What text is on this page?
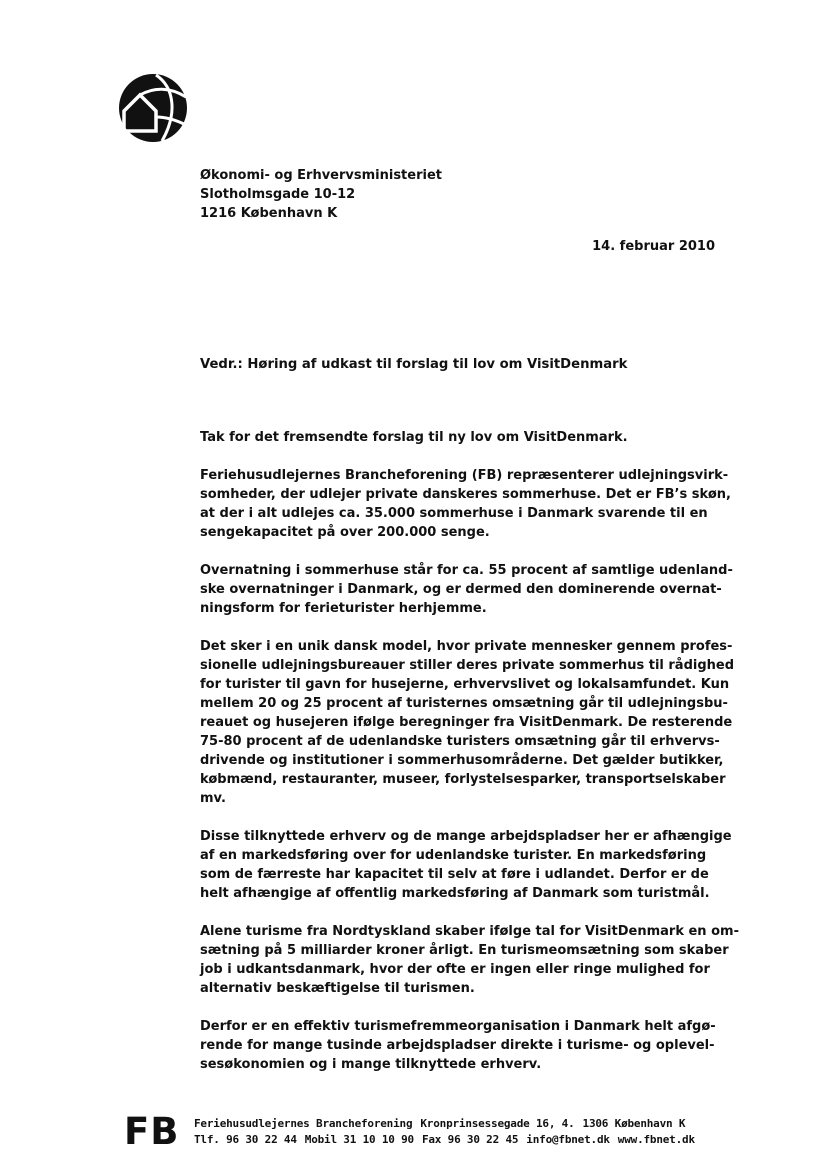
Økonomi- og Erhvervsministeriet
Slotholmsgade 10-12
1216 København K
14. februar 2010
Vedr.: Høring af udkast til forslag til lov om VisitDenmark
Tak for det fremsendte forslag til ny lov om VisitDenmark.
Feriehusudlejernes Brancheforening (FB) repræsenterer udlejningsvirk-
somheder, der udlejer private danskeres sommerhuse. Det er FB’s skøn,
at der i alt udlejes ca. 35.000 sommerhuse i Danmark svarende til en
sengekapacitet på over 200.000 senge.
Overnatning i sommerhuse står for ca. 55 procent af samtlige udenland-
ske overnatninger i Danmark, og er dermed den dominerende overnat-
ningsform for ferieturister herhjemme.
Det sker i en unik dansk model, hvor private mennesker gennem profes-
sionelle udlejningsbureauer stiller deres private sommerhus til rådighed
for turister til gavn for husejerne, erhvervslivet og lokalsamfundet. Kun
mellem 20 og 25 procent af turisternes omsætning går til udlejningsbu-
reauet og husejeren ifølge beregninger fra VisitDenmark. De resterende
75-80 procent af de udenlandske turisters omsætning går til erhvervs-
drivende og institutioner i sommerhusområderne. Det gælder butikker,
købmænd, restauranter, museer, forlystelsesparker, transportselskaber
mv.
Disse tilknyttede erhverv og de mange arbejdspladser her er afhængige
af en markedsføring over for udenlandske turister. En markedsføring
som de færreste har kapacitet til selv at føre i udlandet. Derfor er de
helt afhængige af offentlig markedsføring af Danmark som turistmål.
Alene turisme fra Nordtyskland skaber ifølge tal for VisitDenmark en om-
sætning på 5 milliarder kroner årligt. En turismeomsætning som skaber
job i udkantsdanmark, hvor der ofte er ingen eller ringe mulighed for
alternativ beskæftigelse til turismen.
Derfor er en effektiv turismefremmeorganisation i Danmark helt afgø-
rende for mange tusinde arbejdspladser direkte i turisme- og oplevel-
sesøkonomien og i mange tilknyttede erhverv.
FB Feriehusudlejernes Brancheforening Kronprinsessegade 16, 4. 1306 København K
Tlf. 96 30 22 44 Mobil 31 10 10 90 Fax 96 30 22 45 info@fbnet.dk www.fbnet.dk
